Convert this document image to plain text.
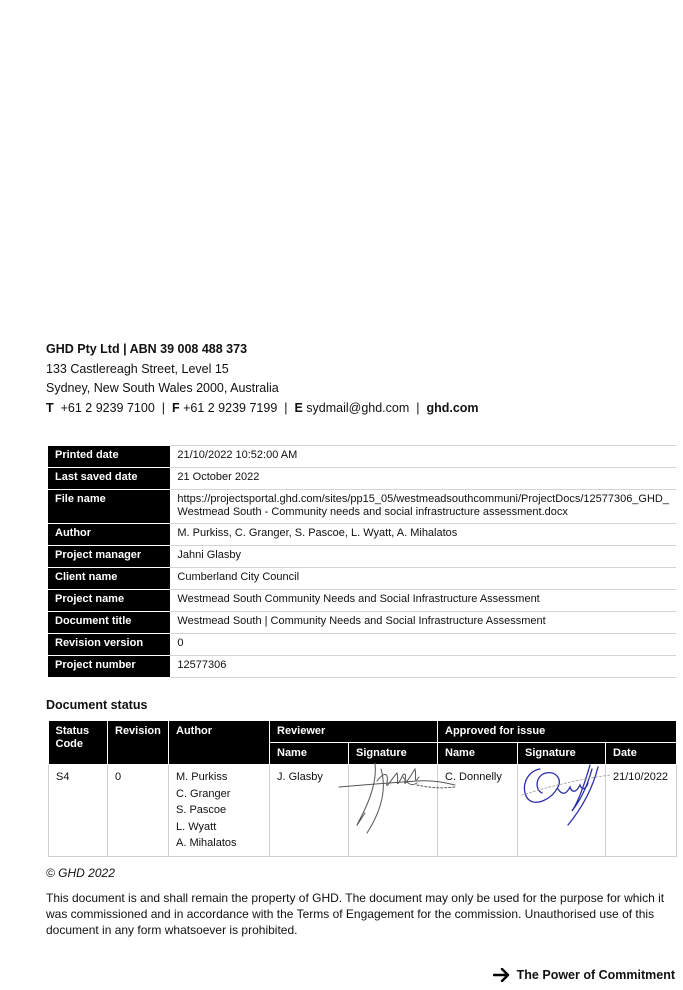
GHD Pty Ltd | ABN 39 008 488 373
133 Castlereagh Street, Level 15
Sydney, New South Wales 2000, Australia
T +61 2 9239 7100 | F +61 2 9239 7199 | E sydmail@ghd.com | ghd.com
Printed date	21/10/2022 10:52:00 AM
Last saved date	21 October 2022
File name	https://projectsportal.ghd.com/sites/pp15_05/westmeadsouthcommuni/ProjectDocs/12577306_GHD_
Westmead South - Community needs and social infrastructure assessment.docx

Author	M. Purkiss, C. Granger, S. Pascoe, L. Wyatt, A. Mihalatos
Project manager	Jahni Glasby
Client name	Cumberland City Council
Project name	Westmead South Community Needs and Social Infrastructure Assessment
Document title	Westmead South | Community Needs and Social Infrastructure Assessment
Revision version	0
Project number	12577306
Document status
Status Code	Revision	Author	Reviewer		Approved for issue		
			Name	Signature	Name	Signature	Date
S4	0	M. Purkiss
C. Granger
S. Pascoe
L. Wyatt
A. Mihalatos	J. Glasby		C. Donnelly		21/10/2022
© GHD 2022
This document is and shall remain the property of GHD. The document may only be used for the purpose for which it was commissioned and in accordance with the Terms of Engagement for the commission. Unauthorised use of this document in any form whatsoever is prohibited.
The Power of Commitment
